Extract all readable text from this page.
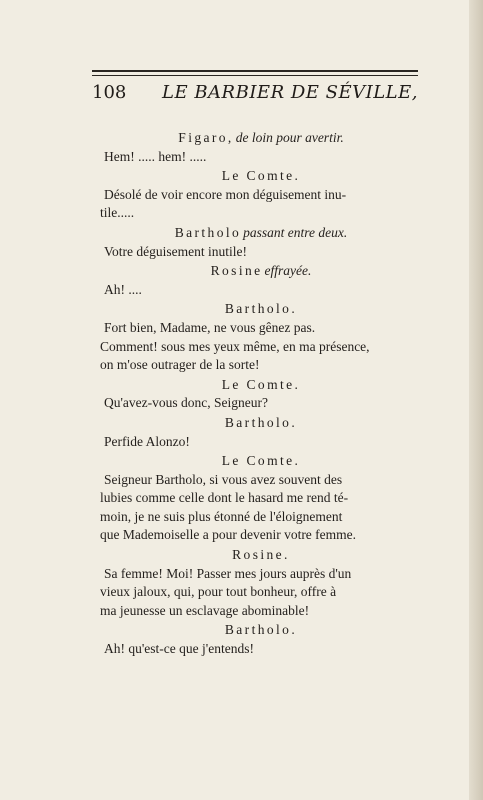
108 LE BARBIER DE SÉVILLE,
Figaro, de loin pour avertir.
Hem! ..... hem! .....
Le Comte.
Désolé de voir encore mon déguisement inu-
tile.....
Bartholo passant entre deux.
Votre déguisement inutile!
Rosine effrayée.
Ah! ....
Bartholo.
Fort bien, Madame, ne vous gênez pas.
Comment! sous mes yeux même, en ma présence,
on m'ose outrager de la sorte!
Le Comte.
Qu'avez-vous donc, Seigneur?
Bartholo.
Perfide Alonzo!
Le Comte.
Seigneur Bartholo, si vous avez souvent des
lubies comme celle dont le hasard me rend té-
moin, je ne suis plus étonné de l'éloignement
que Mademoiselle a pour devenir votre femme.
Rosine.
Sa femme! Moi! Passer mes jours auprès d'un
vieux jaloux, qui, pour tout bonheur, offre à
ma jeunesse un esclavage abominable!
Bartholo.
Ah! qu'est-ce que j'entends!
